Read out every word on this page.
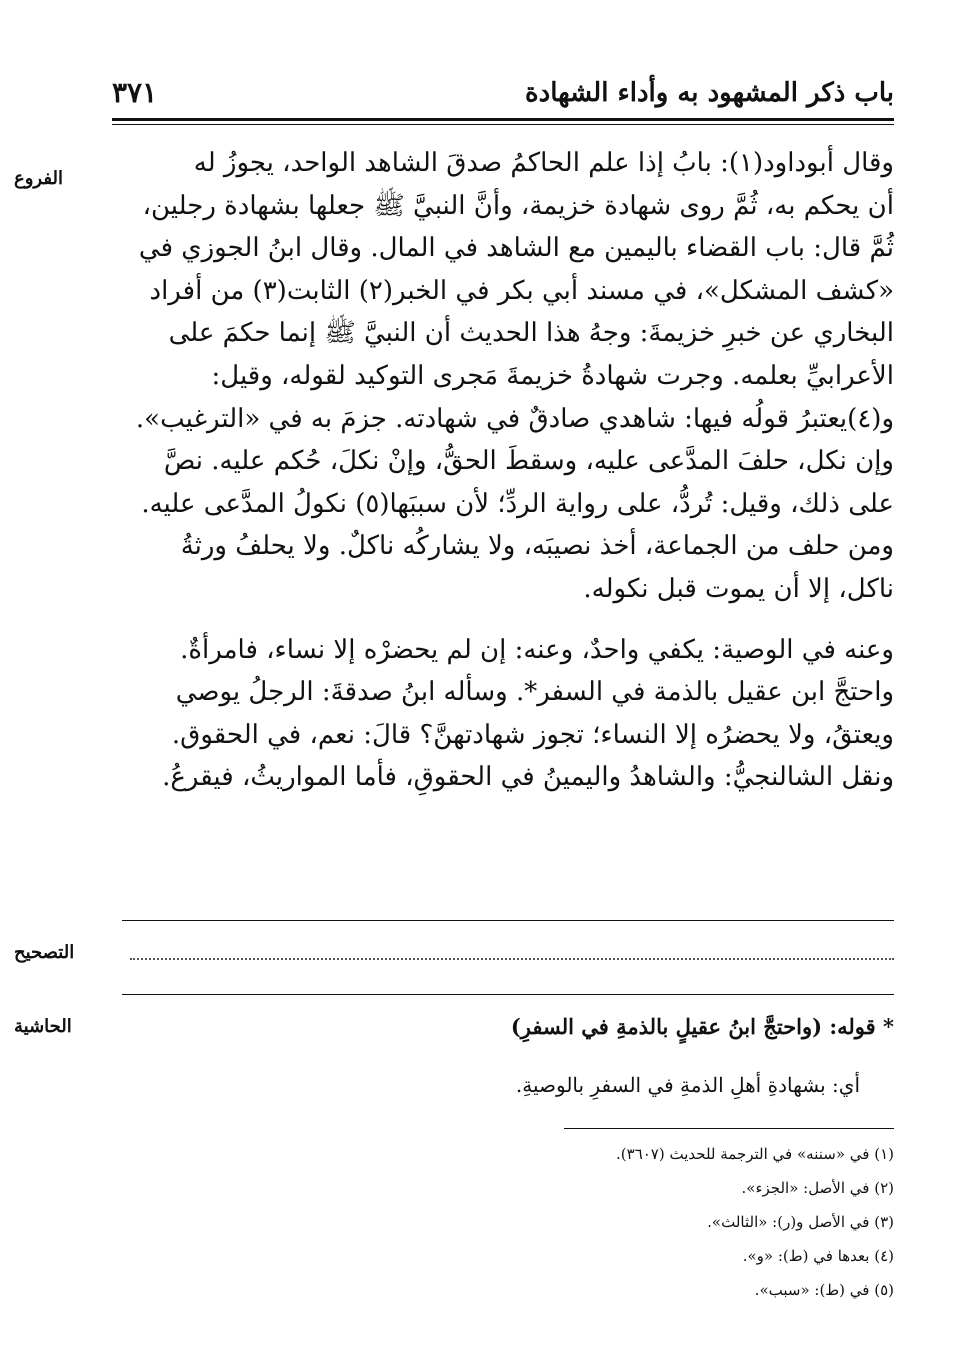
باب ذكر المشهود به وأداء الشهادة
٣٧١
الفروع
التصحيح
الحاشية

وقال أبوداود(١): بابُ إذا علم الحاكمُ صدقَ الشاهد الواحد، يجوزُ له

أن يحكم به، ثُمَّ روى شهادة خزيمة، وأنَّ النبيَّ ﷺ جعلها بشهادة رجلين،

ثُمَّ قال: باب القضاء باليمين مع الشاهد في المال. وقال ابنُ الجوزي في

«كشف المشكل»، في مسند أبي بكر في الخبر(٢) الثابت(٣) من أفراد

البخاري عن خبرِ خزيمةَ: وجهُ هذا الحديث أن النبيَّ ﷺ إنما حكمَ على

الأعرابيِّ بعلمه. وجرت شهادةُ خزيمةَ مَجرى التوكيد لقوله، وقيل:

و(٤)يعتبرُ قولُه فيها: شاهدي صادقٌ في شهادته. جزمَ به في «الترغيب».

وإن نكل، حلفَ المدَّعى عليه، وسقطَ الحقُّ، وإنْ نكلَ، حُكم عليه. نصَّ

على ذلك، وقيل: تُردُّ، على رواية الردِّ؛ لأن سببَها(٥) نكولُ المدَّعى عليه.

ومن حلف من الجماعة، أخذ نصيبَه، ولا يشاركُه ناكلٌ. ولا يحلفُ ورثةُ

ناكل، إلا أن يموت قبل نكوله.

وعنه في الوصية: يكفي واحدٌ، وعنه: إن لم يحضرْه إلا نساء، فامرأةٌ.

واحتجَّ ابن عقيل بالذمة في السفر*. وسأله ابنُ صدقةَ: الرجلُ يوصي

ويعتقُ، ولا يحضرُه إلا النساء؛ تجوز شهادتهنَّ؟ قالَ: نعم، في الحقوق.

ونقل الشالنجيُّ: والشاهدُ واليمينُ في الحقوقِ، فأما المواريثُ، فيقرعُ.

* قوله: (واحتجَّ ابنُ عقيلٍ بالذمةِ في السفرِ)
أي: بشهادةِ أهلِ الذمةِ في السفرِ بالوصيةِ.
(١) في «سننه» في الترجمة للحديث (٣٦٠٧).
(٢) في الأصل: «الجزء».
(٣) في الأصل و(ر): «الثالث».
(٤) بعدها في (ط): «و».
(٥) في (ط): «سبب».
